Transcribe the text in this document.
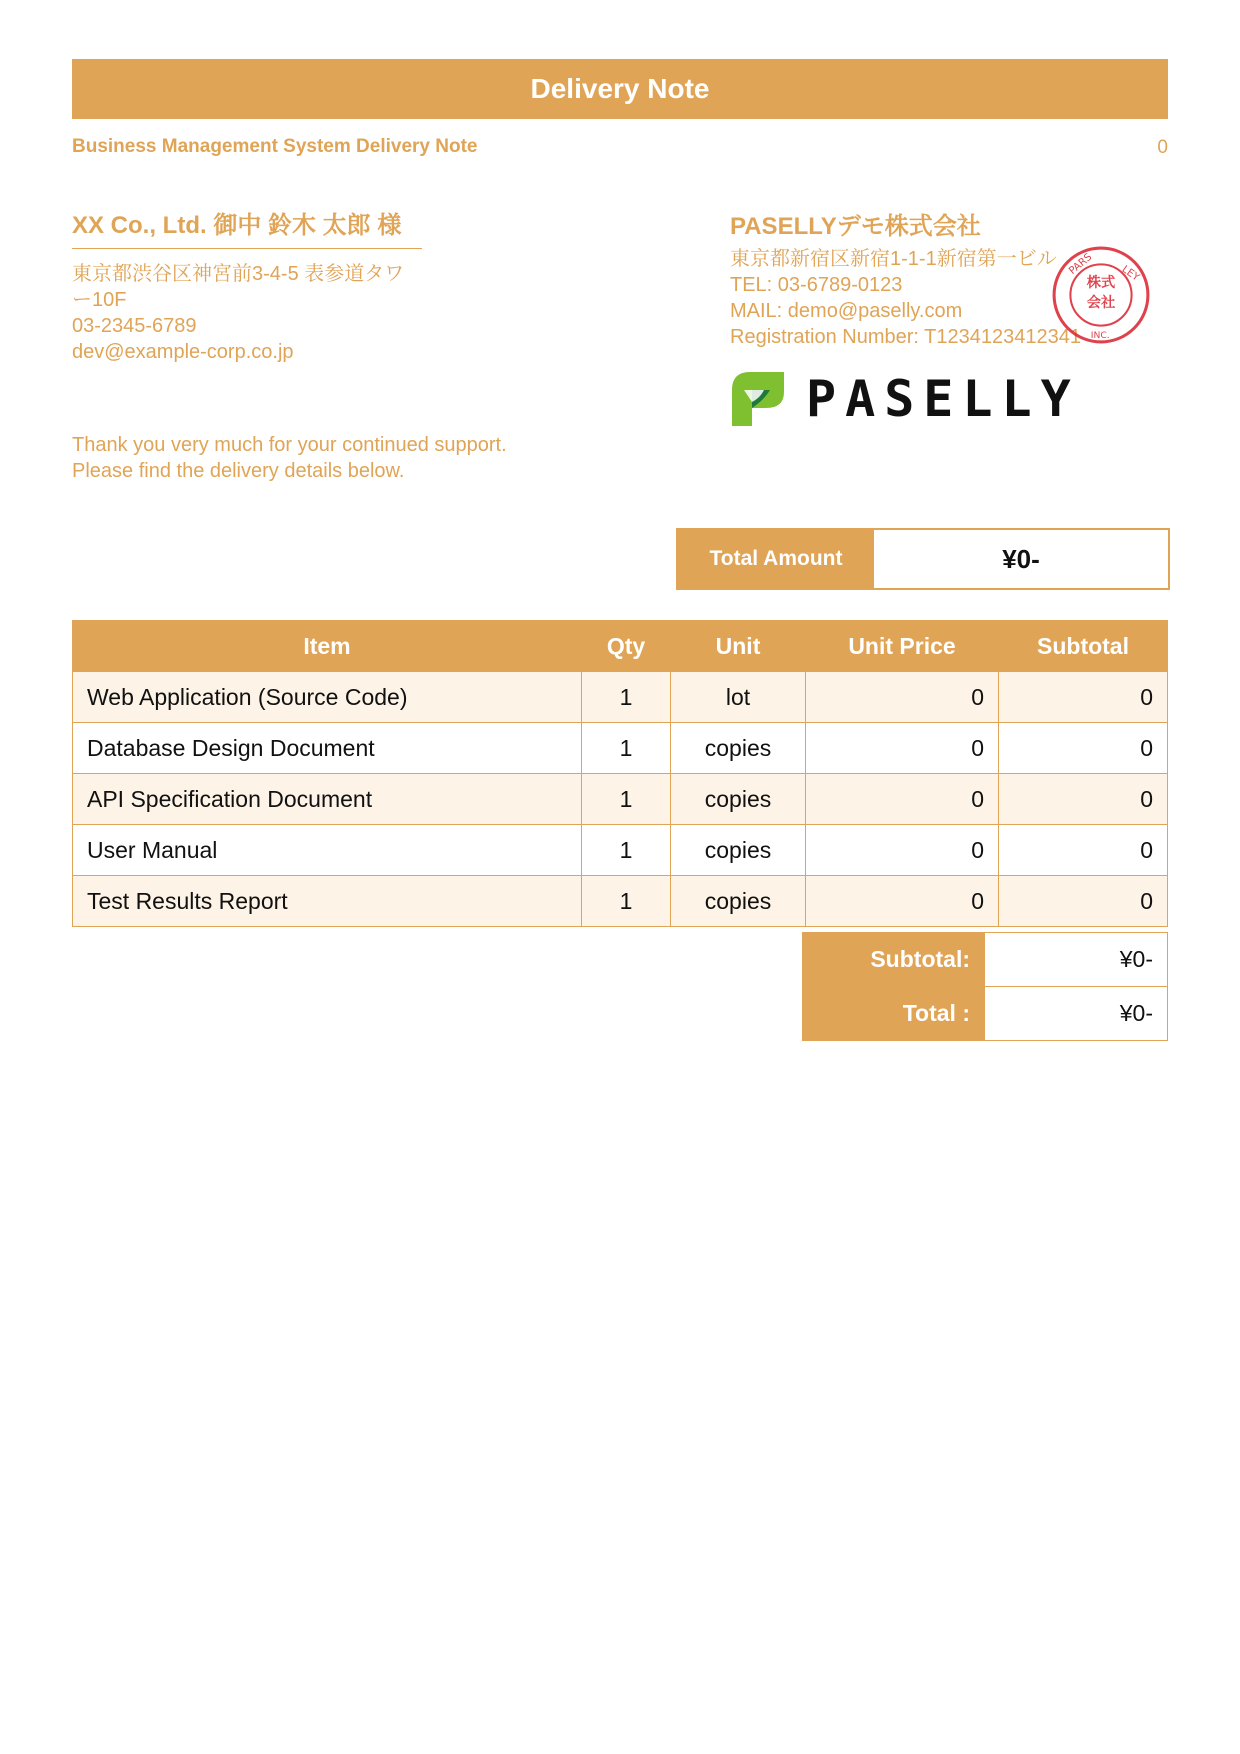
Delivery Note
Business Management System Delivery Note	0
XX Co., Ltd. 御中 鈴木 太郎 様
東京都渋谷区神宮前3-4-5 表参道タワー10F
03-2345-6789
dev@example-corp.co.jp
Thank you very much for your continued support.
Please find the delivery details below.
PASELLYデモ株式会社
東京都新宿区新宿1-1-1新宿第一ビル
TEL: 03-6789-0123
MAIL: demo@paselly.com
Registration Number: T1234123412341
株式
会社
PARS	LEY
INC.
PASELLY
Total Amount	¥0-
Item	Qty	Unit	Unit Price	Subtotal
Web Application (Source Code)	1	lot	0	0
Database Design Document	1	copies	0	0
API Specification Document	1	copies	0	0
User Manual	1	copies	0	0
Test Results Report	1	copies	0	0
Subtotal:	¥0-
Total :	¥0-
